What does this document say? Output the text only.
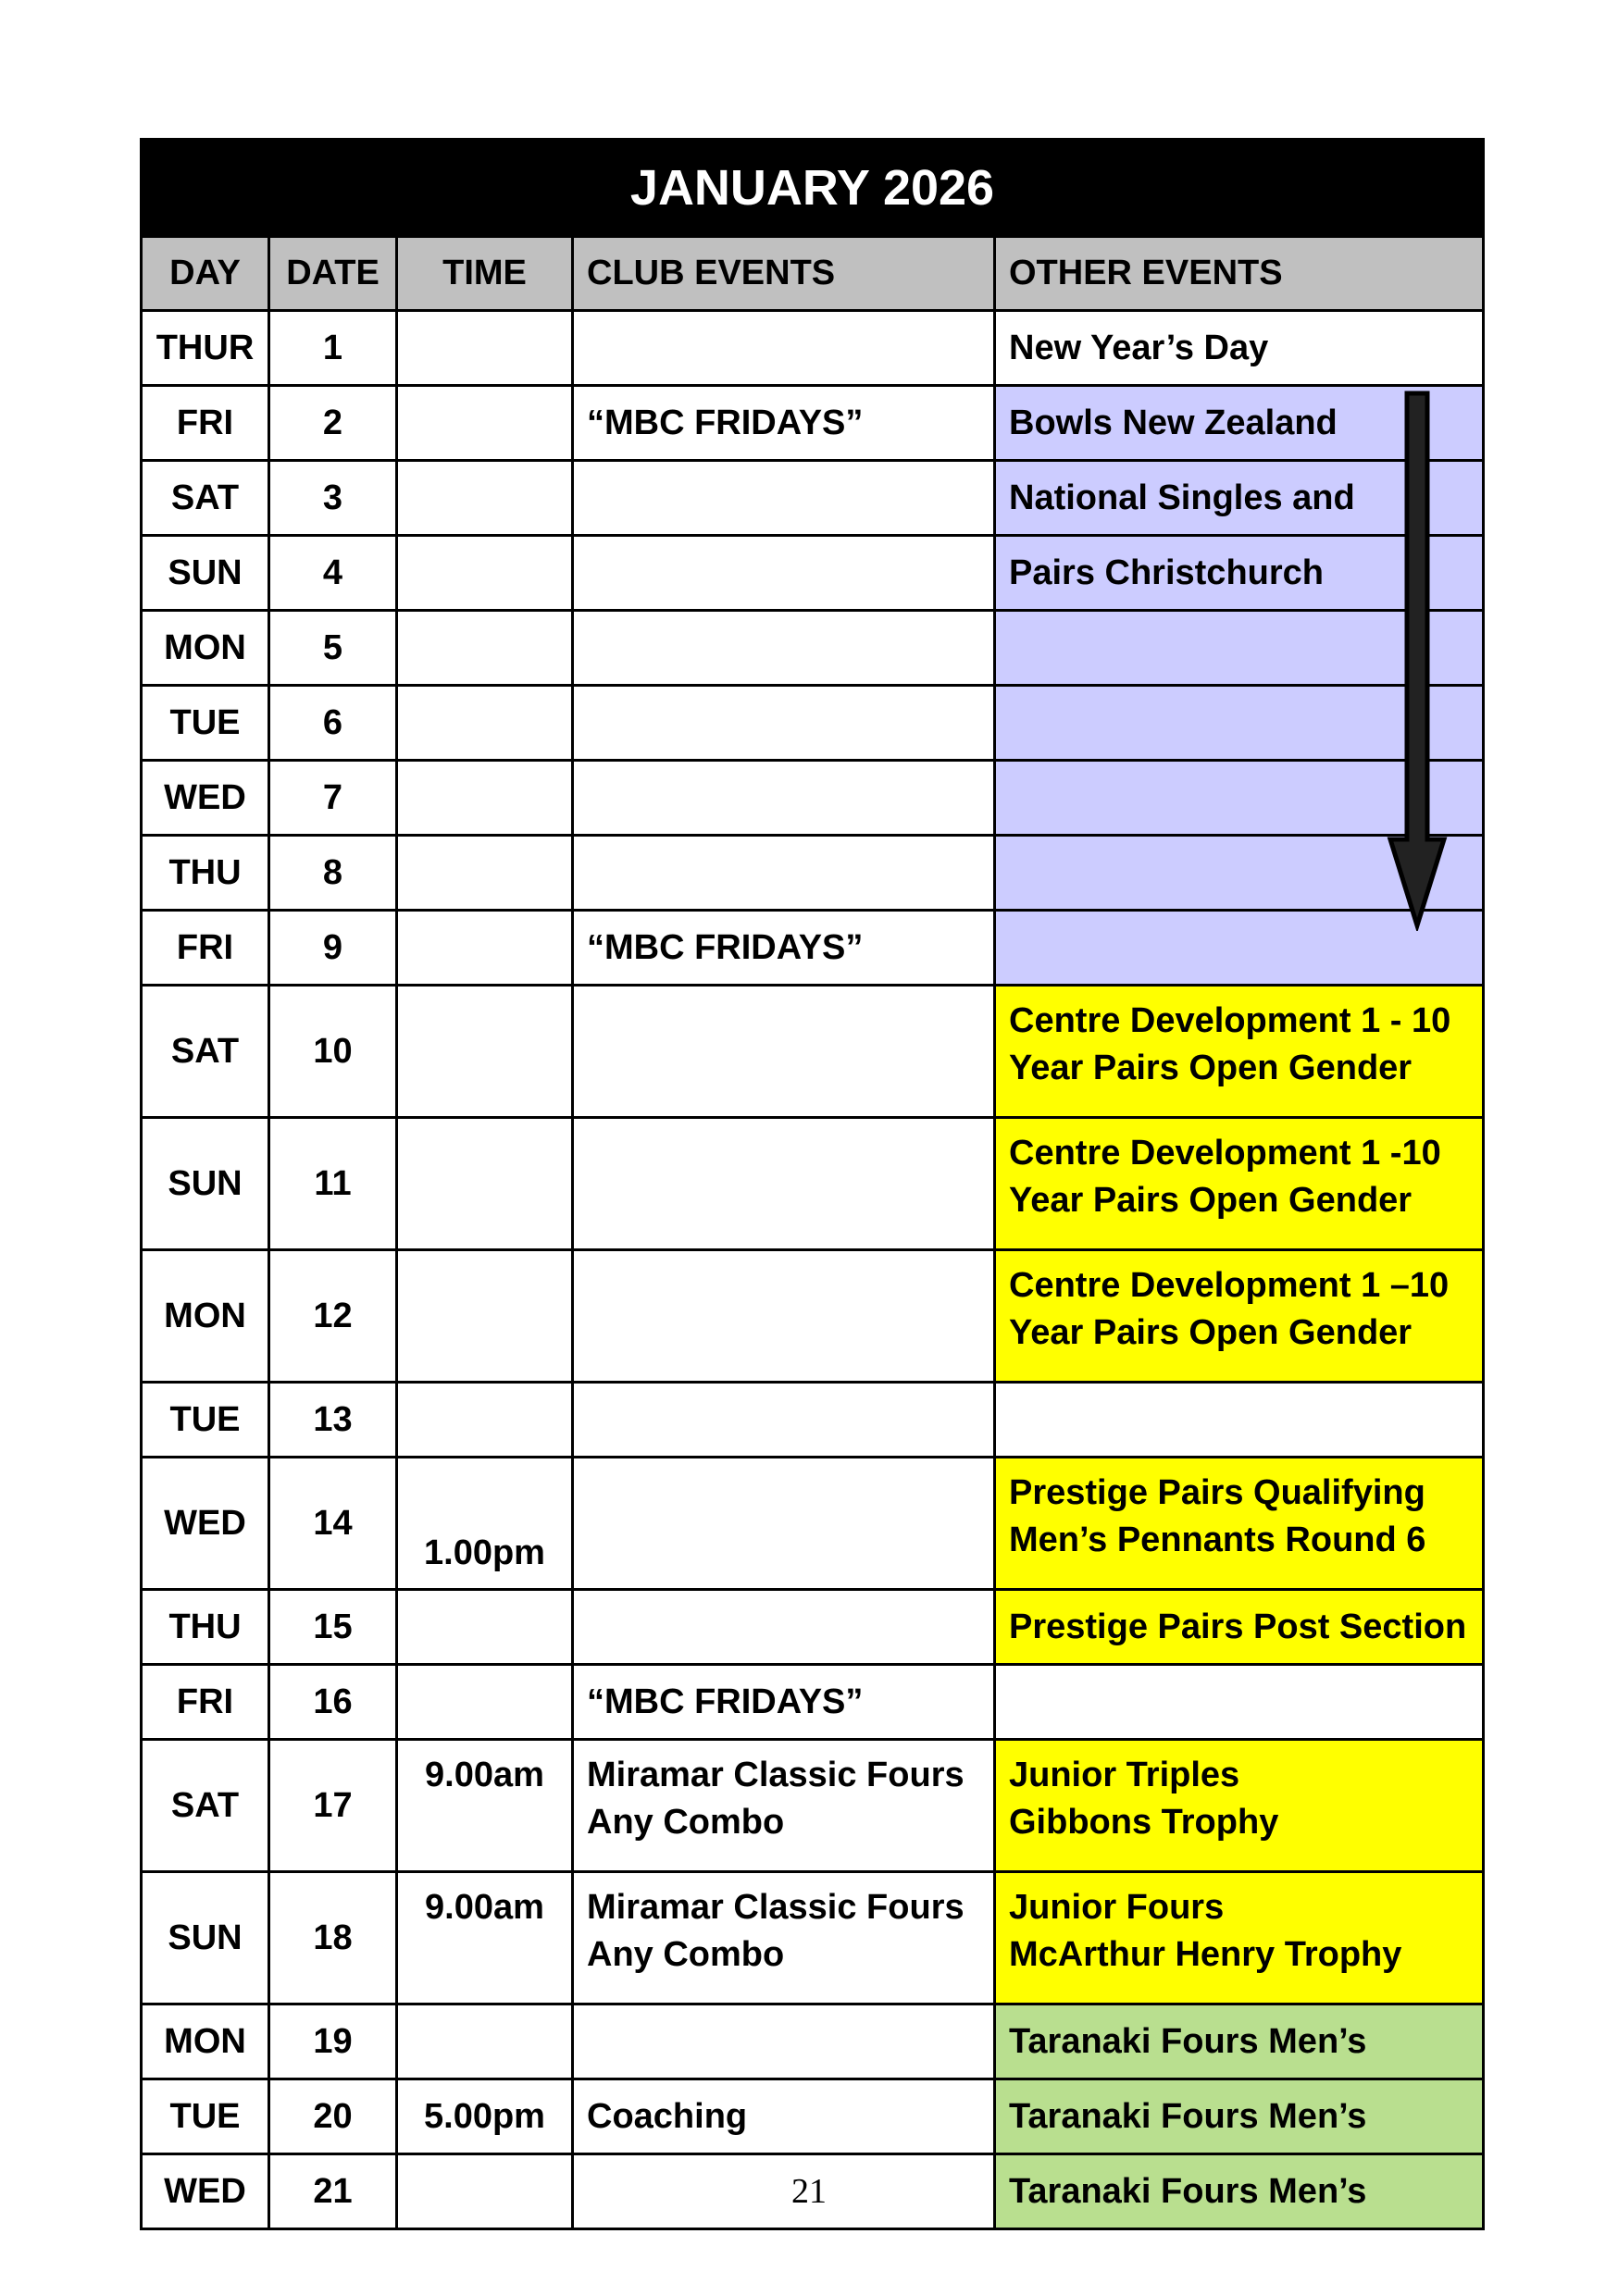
JANUARY 2026				
DAY	DATE	TIME	CLUB EVENTS	OTHER EVENTS

THUR	1			New Year’s Day

FRI	2		“MBC FRIDAYS”	Bowls New Zealand

SAT	3			National Singles and

SUN	4			Pairs Christchurch

MON	5			

TUE	6			

WED	7			

THU	8			

FRI	9		“MBC FRIDAYS”	

SAT	10			Centre Development 1 - 10
Year Pairs Open Gender

SUN	11			Centre Development 1 -10
Year Pairs Open Gender

MON	12			Centre Development 1 –10
Year Pairs Open Gender

TUE	13			

WED	14	1.00pm		Prestige Pairs Qualifying
Men’s Pennants Round 6

THU	15			Prestige Pairs Post Section

FRI	16		“MBC FRIDAYS”	

SAT	17	9.00am	Miramar Classic Fours
Any Combo	Junior Triples
Gibbons Trophy

SUN	18	9.00am	Miramar Classic Fours
Any Combo	Junior Fours
McArthur Henry Trophy

MON	19			Taranaki Fours Men’s

TUE	20	5.00pm	Coaching	Taranaki Fours Men’s

WED	21			Taranaki Fours Men’s
21
